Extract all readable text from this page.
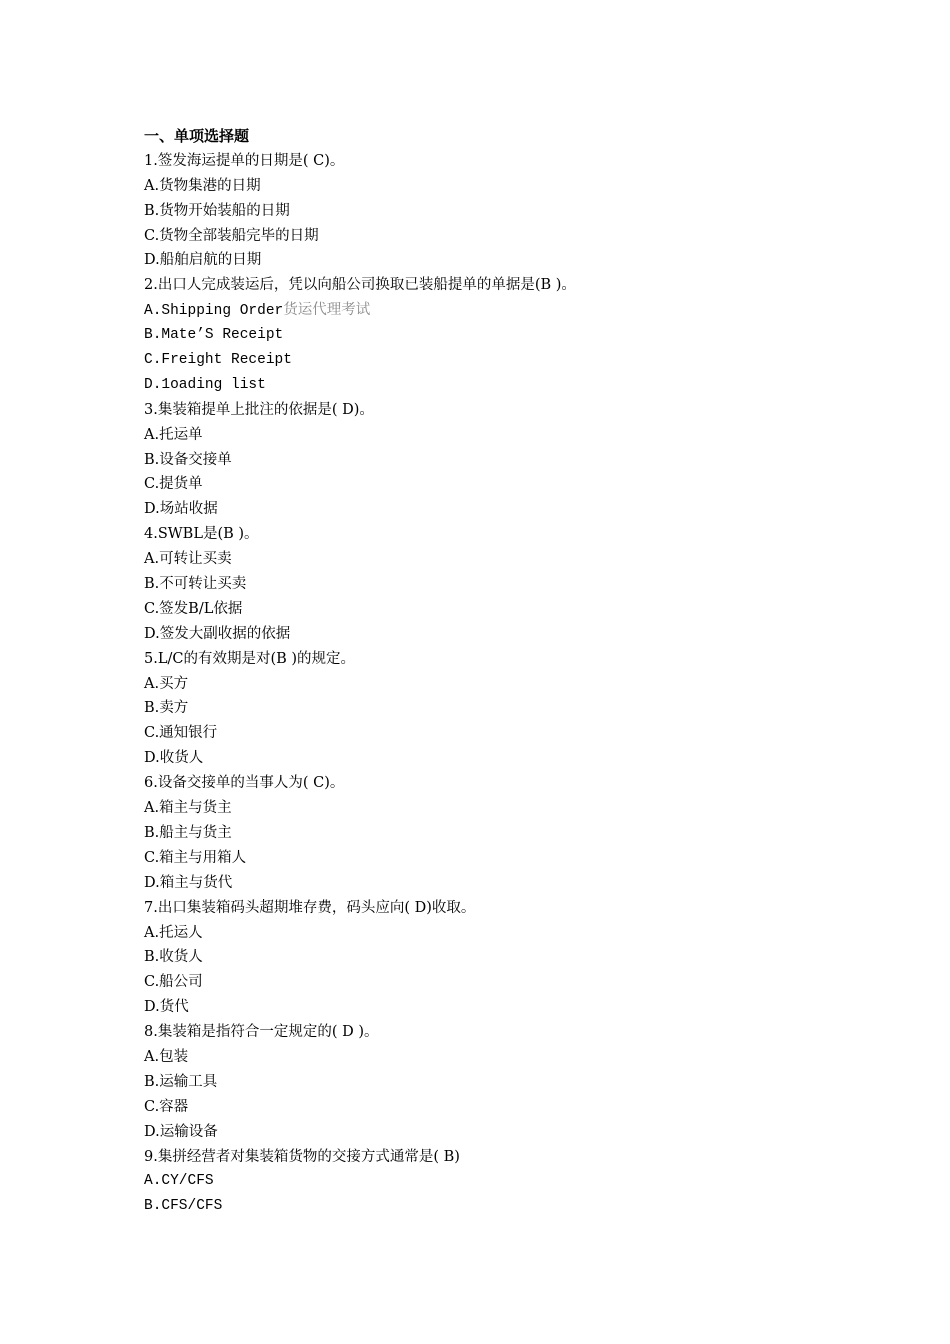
一、单项选择题
1.签发海运提单的日期是( C)。
A.货物集港的日期
B.货物开始装船的日期
C.货物全部装船完毕的日期
D.船舶启航的日期
2.出口人完成装运后，凭以向船公司换取已装船提单的单据是(B )。
A.Shipping Order货运代理考试
B.Mate’S Receipt
C.Freight Receipt
D.1oading list
3.集装箱提单上批注的依据是( D)。
A.托运单
B.设备交接单
C.提货单
D.场站收据
4.SWBL是(B )。
A.可转让买卖
B.不可转让买卖
C.签发B/L依据
D.签发大副收据的依据
5.L/C的有效期是对(B )的规定。
A.买方
B.卖方
C.通知银行
D.收货人
6.设备交接单的当事人为( C)。
A.箱主与货主
B.船主与货主
C.箱主与用箱人
D.箱主与货代
7.出口集装箱码头超期堆存费，码头应向( D)收取。
A.托运人
B.收货人
C.船公司
D.货代
8.集装箱是指符合一定规定的( D )。
A.包装
B.运输工具
C.容器
D.运输设备
9.集拼经营者对集装箱货物的交接方式通常是( B)
A.CY/CFS
B.CFS/CFS
